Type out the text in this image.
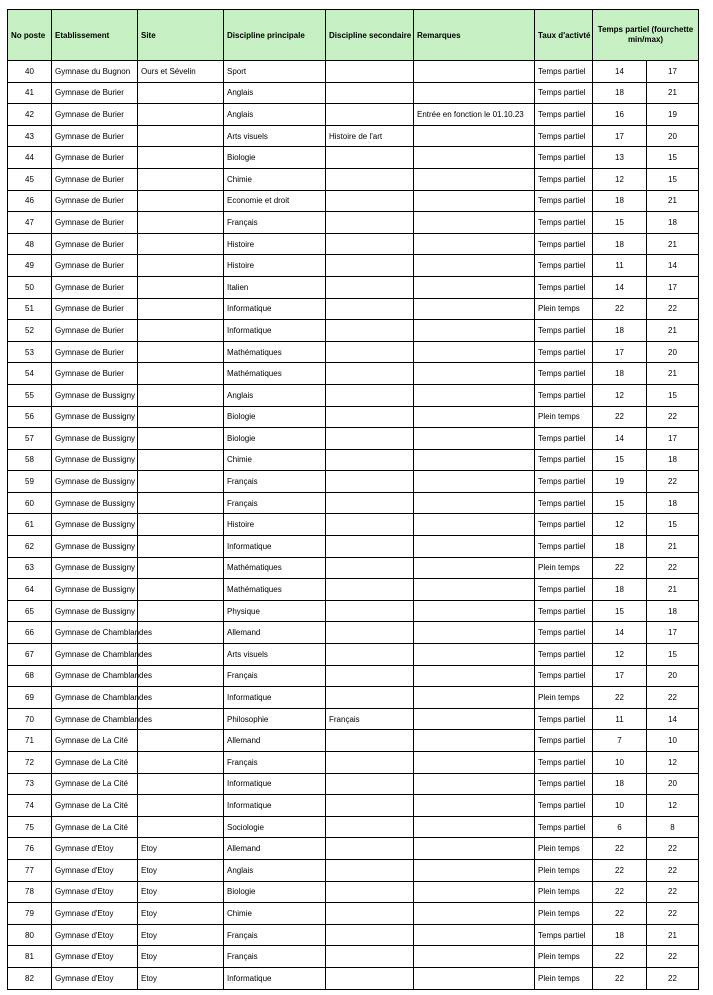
No poste	Etablissement	Site	Discipline principale	Discipline secondaire	Remarques	Taux d'activté	Temps partiel (fourchette min/max)	
40	Gymnase du Bugnon	Ours et Sévelin	Sport			Temps partiel	14	17
41	Gymnase de Burier		Anglais			Temps partiel	18	21
42	Gymnase de Burier		Anglais		Entrée en fonction le 01.10.23	Temps partiel	16	19
43	Gymnase de Burier		Arts visuels	Histoire de l'art		Temps partiel	17	20
44	Gymnase de Burier		Biologie			Temps partiel	13	15
45	Gymnase de Burier		Chimie			Temps partiel	12	15
46	Gymnase de Burier		Economie et droit			Temps partiel	18	21
47	Gymnase de Burier		Français			Temps partiel	15	18
48	Gymnase de Burier		Histoire			Temps partiel	18	21
49	Gymnase de Burier		Histoire			Temps partiel	11	14
50	Gymnase de Burier		Italien			Temps partiel	14	17
51	Gymnase de Burier		Informatique			Plein temps	22	22
52	Gymnase de Burier		Informatique			Temps partiel	18	21
53	Gymnase de Burier		Mathématiques			Temps partiel	17	20
54	Gymnase de Burier		Mathématiques			Temps partiel	18	21
55	Gymnase de Bussigny		Anglais			Temps partiel	12	15
56	Gymnase de Bussigny		Biologie			Plein temps	22	22
57	Gymnase de Bussigny		Biologie			Temps partiel	14	17
58	Gymnase de Bussigny		Chimie			Temps partiel	15	18
59	Gymnase de Bussigny		Français			Temps partiel	19	22
60	Gymnase de Bussigny		Français			Temps partiel	15	18
61	Gymnase de Bussigny		Histoire			Temps partiel	12	15
62	Gymnase de Bussigny		Informatique			Temps partiel	18	21
63	Gymnase de Bussigny		Mathématiques			Plein temps	22	22
64	Gymnase de Bussigny		Mathématiques			Temps partiel	18	21
65	Gymnase de Bussigny		Physique			Temps partiel	15	18
66	Gymnase de Chamblandes		Allemand			Temps partiel	14	17
67	Gymnase de Chamblandes		Arts visuels			Temps partiel	12	15
68	Gymnase de Chamblandes		Français			Temps partiel	17	20
69	Gymnase de Chamblandes		Informatique			Plein temps	22	22
70	Gymnase de Chamblandes		Philosophie	Français		Temps partiel	11	14
71	Gymnase de La Cité		Allemand			Temps partiel	7	10
72	Gymnase de La Cité		Français			Temps partiel	10	12
73	Gymnase de La Cité		Informatique			Temps partiel	18	20
74	Gymnase de La Cité		Informatique			Temps partiel	10	12
75	Gymnase de La Cité		Sociologie			Temps partiel	6	8
76	Gymnase d'Etoy	Etoy	Allemand			Plein temps	22	22
77	Gymnase d'Etoy	Etoy	Anglais			Plein temps	22	22
78	Gymnase d'Etoy	Etoy	Biologie			Plein temps	22	22
79	Gymnase d'Etoy	Etoy	Chimie			Plein temps	22	22
80	Gymnase d'Etoy	Etoy	Français			Temps partiel	18	21
81	Gymnase d'Etoy	Etoy	Français			Plein temps	22	22
82	Gymnase d'Etoy	Etoy	Informatique			Plein temps	22	22
